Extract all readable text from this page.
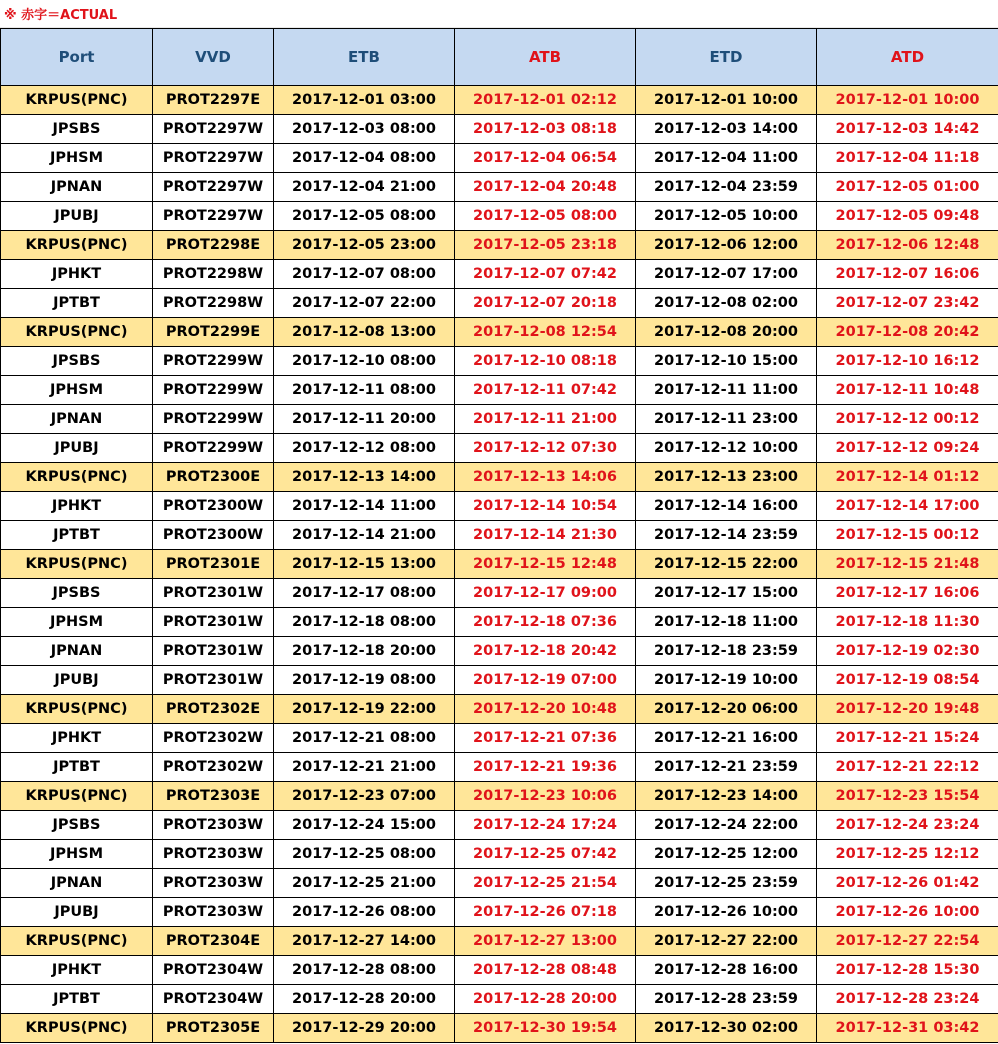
※ 赤字＝ACTUAL
Port	VVD	ETB	ATB	ETD	ATD
KRPUS(PNC)	PROT2297E	2017-12-01 03:00	2017-12-01 02:12	2017-12-01 10:00	2017-12-01 10:00
JPSBS	PROT2297W	2017-12-03 08:00	2017-12-03 08:18	2017-12-03 14:00	2017-12-03 14:42
JPHSM	PROT2297W	2017-12-04 08:00	2017-12-04 06:54	2017-12-04 11:00	2017-12-04 11:18
JPNAN	PROT2297W	2017-12-04 21:00	2017-12-04 20:48	2017-12-04 23:59	2017-12-05 01:00
JPUBJ	PROT2297W	2017-12-05 08:00	2017-12-05 08:00	2017-12-05 10:00	2017-12-05 09:48
KRPUS(PNC)	PROT2298E	2017-12-05 23:00	2017-12-05 23:18	2017-12-06 12:00	2017-12-06 12:48
JPHKT	PROT2298W	2017-12-07 08:00	2017-12-07 07:42	2017-12-07 17:00	2017-12-07 16:06
JPTBT	PROT2298W	2017-12-07 22:00	2017-12-07 20:18	2017-12-08 02:00	2017-12-07 23:42
KRPUS(PNC)	PROT2299E	2017-12-08 13:00	2017-12-08 12:54	2017-12-08 20:00	2017-12-08 20:42
JPSBS	PROT2299W	2017-12-10 08:00	2017-12-10 08:18	2017-12-10 15:00	2017-12-10 16:12
JPHSM	PROT2299W	2017-12-11 08:00	2017-12-11 07:42	2017-12-11 11:00	2017-12-11 10:48
JPNAN	PROT2299W	2017-12-11 20:00	2017-12-11 21:00	2017-12-11 23:00	2017-12-12 00:12
JPUBJ	PROT2299W	2017-12-12 08:00	2017-12-12 07:30	2017-12-12 10:00	2017-12-12 09:24
KRPUS(PNC)	PROT2300E	2017-12-13 14:00	2017-12-13 14:06	2017-12-13 23:00	2017-12-14 01:12
JPHKT	PROT2300W	2017-12-14 11:00	2017-12-14 10:54	2017-12-14 16:00	2017-12-14 17:00
JPTBT	PROT2300W	2017-12-14 21:00	2017-12-14 21:30	2017-12-14 23:59	2017-12-15 00:12
KRPUS(PNC)	PROT2301E	2017-12-15 13:00	2017-12-15 12:48	2017-12-15 22:00	2017-12-15 21:48
JPSBS	PROT2301W	2017-12-17 08:00	2017-12-17 09:00	2017-12-17 15:00	2017-12-17 16:06
JPHSM	PROT2301W	2017-12-18 08:00	2017-12-18 07:36	2017-12-18 11:00	2017-12-18 11:30
JPNAN	PROT2301W	2017-12-18 20:00	2017-12-18 20:42	2017-12-18 23:59	2017-12-19 02:30
JPUBJ	PROT2301W	2017-12-19 08:00	2017-12-19 07:00	2017-12-19 10:00	2017-12-19 08:54
KRPUS(PNC)	PROT2302E	2017-12-19 22:00	2017-12-20 10:48	2017-12-20 06:00	2017-12-20 19:48
JPHKT	PROT2302W	2017-12-21 08:00	2017-12-21 07:36	2017-12-21 16:00	2017-12-21 15:24
JPTBT	PROT2302W	2017-12-21 21:00	2017-12-21 19:36	2017-12-21 23:59	2017-12-21 22:12
KRPUS(PNC)	PROT2303E	2017-12-23 07:00	2017-12-23 10:06	2017-12-23 14:00	2017-12-23 15:54
JPSBS	PROT2303W	2017-12-24 15:00	2017-12-24 17:24	2017-12-24 22:00	2017-12-24 23:24
JPHSM	PROT2303W	2017-12-25 08:00	2017-12-25 07:42	2017-12-25 12:00	2017-12-25 12:12
JPNAN	PROT2303W	2017-12-25 21:00	2017-12-25 21:54	2017-12-25 23:59	2017-12-26 01:42
JPUBJ	PROT2303W	2017-12-26 08:00	2017-12-26 07:18	2017-12-26 10:00	2017-12-26 10:00
KRPUS(PNC)	PROT2304E	2017-12-27 14:00	2017-12-27 13:00	2017-12-27 22:00	2017-12-27 22:54
JPHKT	PROT2304W	2017-12-28 08:00	2017-12-28 08:48	2017-12-28 16:00	2017-12-28 15:30
JPTBT	PROT2304W	2017-12-28 20:00	2017-12-28 20:00	2017-12-28 23:59	2017-12-28 23:24
KRPUS(PNC)	PROT2305E	2017-12-29 20:00	2017-12-30 19:54	2017-12-30 02:00	2017-12-31 03:42
